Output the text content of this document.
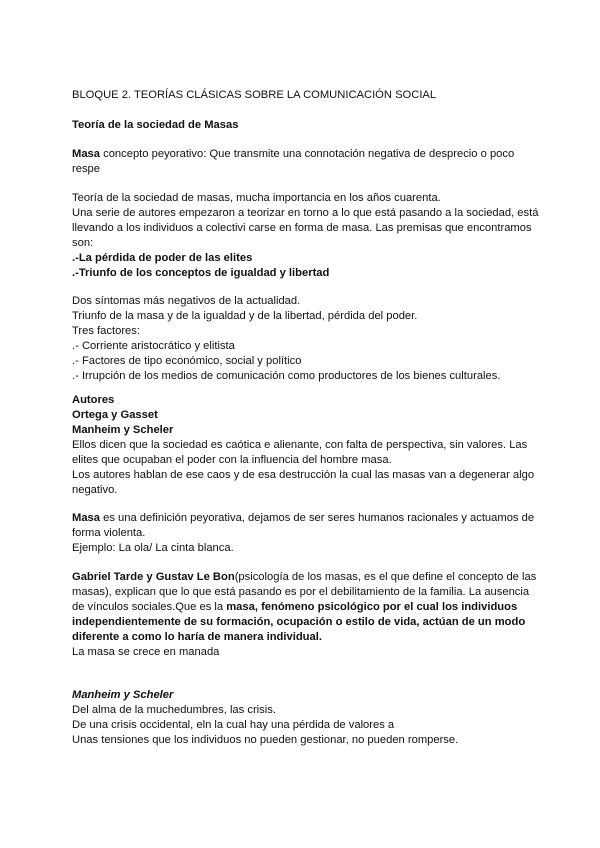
BLOQUE 2. TEORÍAS CLÁSICAS SOBRE LA COMUNICACIÓN SOCIAL

Teoría de la sociedad de Masas

Masa concepto peyorativo: Que transmite una connotación negativa de desprecio o poco respe

Teoría de la sociedad de masas, mucha importancia en los años cuarenta.

Una serie de autores empezaron a teorizar en torno a lo que está pasando a la sociedad, está llevando a los individuos a colectivi carse en forma de masa. Las premisas que encontramos son:

.-La pérdida de poder de las elites

.-Triunfo de los conceptos de igualdad y libertad

Dos síntomas más negativos de la actualidad.

Triunfo de la masa y de la igualdad y de la libertad, pérdida del poder.

Tres factores:

.- Corriente aristocrático y elitista

.- Factores de tipo económico, social y político

.- Irrupción de los medios de comunicación como productores de los bienes culturales.

Autores

Ortega y Gasset

Manheim y Scheler

Ellos dicen que la sociedad es caótica e alienante, con falta de perspectiva, sin valores. Las elites que ocupaban el poder con la influencia del hombre masa.

Los autores hablan de ese caos y de esa destrucción la cual las masas van a degenerar algo negativo.

Masa es una definición peyorativa, dejamos de ser seres humanos racionales y actuamos de forma violenta.

Ejemplo: La ola/ La cinta blanca.

Gabriel Tarde y Gustav Le Bon(psicología de los masas, es el que define el concepto de las masas), explican que lo que está pasando es por el debilitamiento de la familia. La ausencia de vínculos sociales.Que es la masa, fenómeno psicológico por el cual los individuos independientemente de su formación, ocupación o estilo de vida, actúan de un modo diferente a como lo haría de manera individual.

La masa se crece en manada

Manheim y Scheler

Del alma de la muchedumbres, las crisis.

De una crisis occidental, eln la cual hay una pérdida de valores a

Unas tensiones que los individuos no pueden gestionar, no pueden romperse.
